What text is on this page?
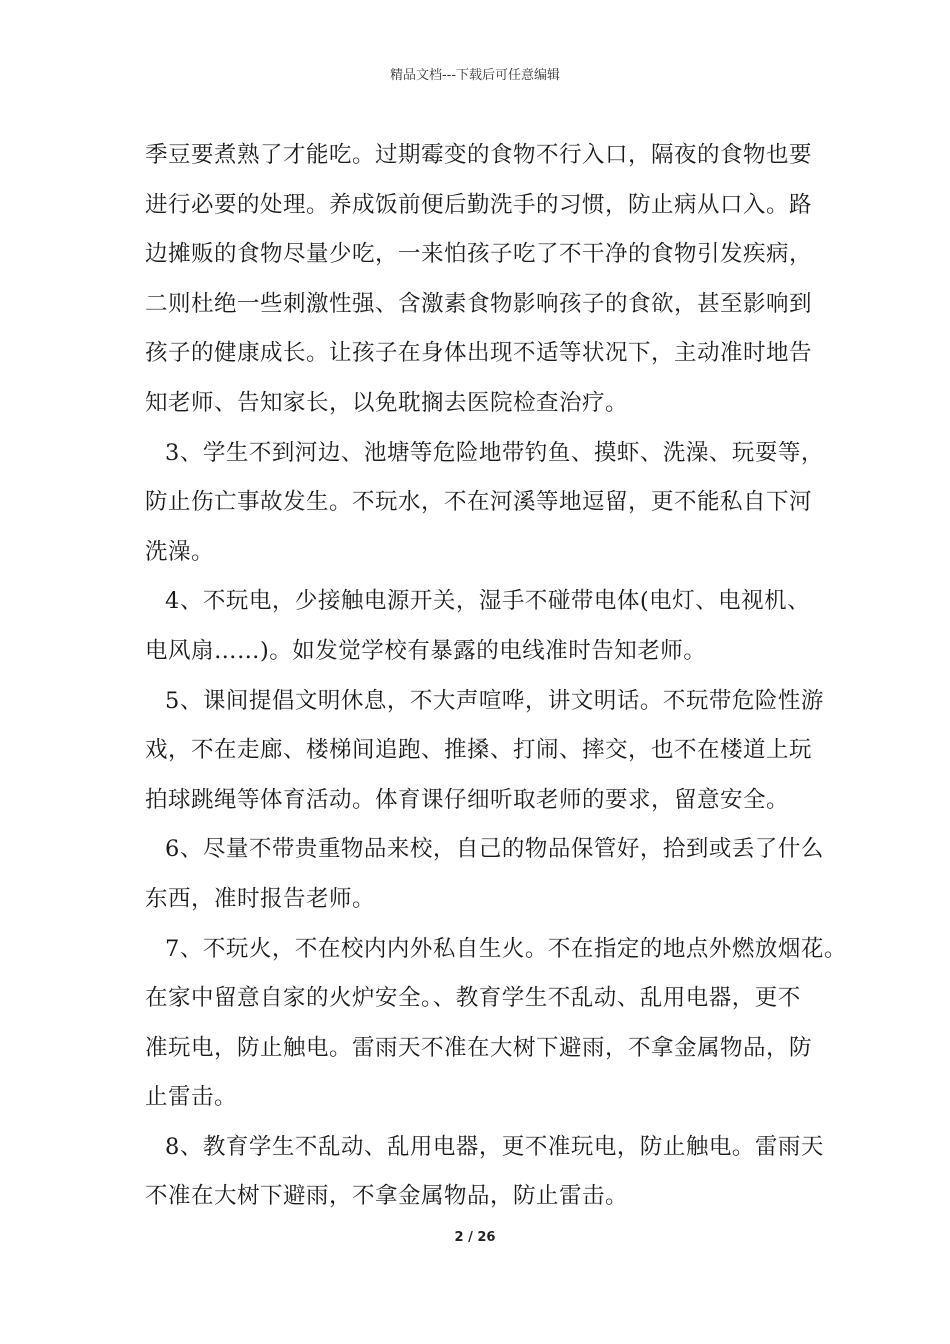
精品文档---下载后可任意编辑
季豆要煮熟了才能吃。过期霉变的食物不行入口，隔夜的食物也要
进行必要的处理。养成饭前便后勤洗手的习惯，防止病从口入。路
边摊贩的食物尽量少吃，一来怕孩子吃了不干净的食物引发疾病，
二则杜绝一些刺激性强、含激素食物影响孩子的食欲，甚至影响到
孩子的健康成长。让孩子在身体出现不适等状况下，主动准时地告
知老师、告知家长，以免耽搁去医院检查治疗。
3、学生不到河边、池塘等危险地带钓鱼、摸虾、洗澡、玩耍等，
防止伤亡事故发生。不玩水，不在河溪等地逗留，更不能私自下河
洗澡。
4、不玩电，少接触电源开关，湿手不碰带电体(电灯、电视机、
电风扇……)。如发觉学校有暴露的电线准时告知老师。
5、课间提倡文明休息，不大声喧哗，讲文明话。不玩带危险性游
戏，不在走廊、楼梯间追跑、推搡、打闹、摔交，也不在楼道上玩
拍球跳绳等体育活动。体育课仔细听取老师的要求，留意安全。
6、尽量不带贵重物品来校，自己的物品保管好，拾到或丢了什么
东西，准时报告老师。
7、不玩火，不在校内内外私自生火。不在指定的地点外燃放烟花。
在家中留意自家的火炉安全。、教育学生不乱动、乱用电器，更不
准玩电，防止触电。雷雨天不准在大树下避雨，不拿金属物品，防
止雷击。
8、教育学生不乱动、乱用电器，更不准玩电，防止触电。雷雨天
不准在大树下避雨，不拿金属物品，防止雷击。
2 / 26
